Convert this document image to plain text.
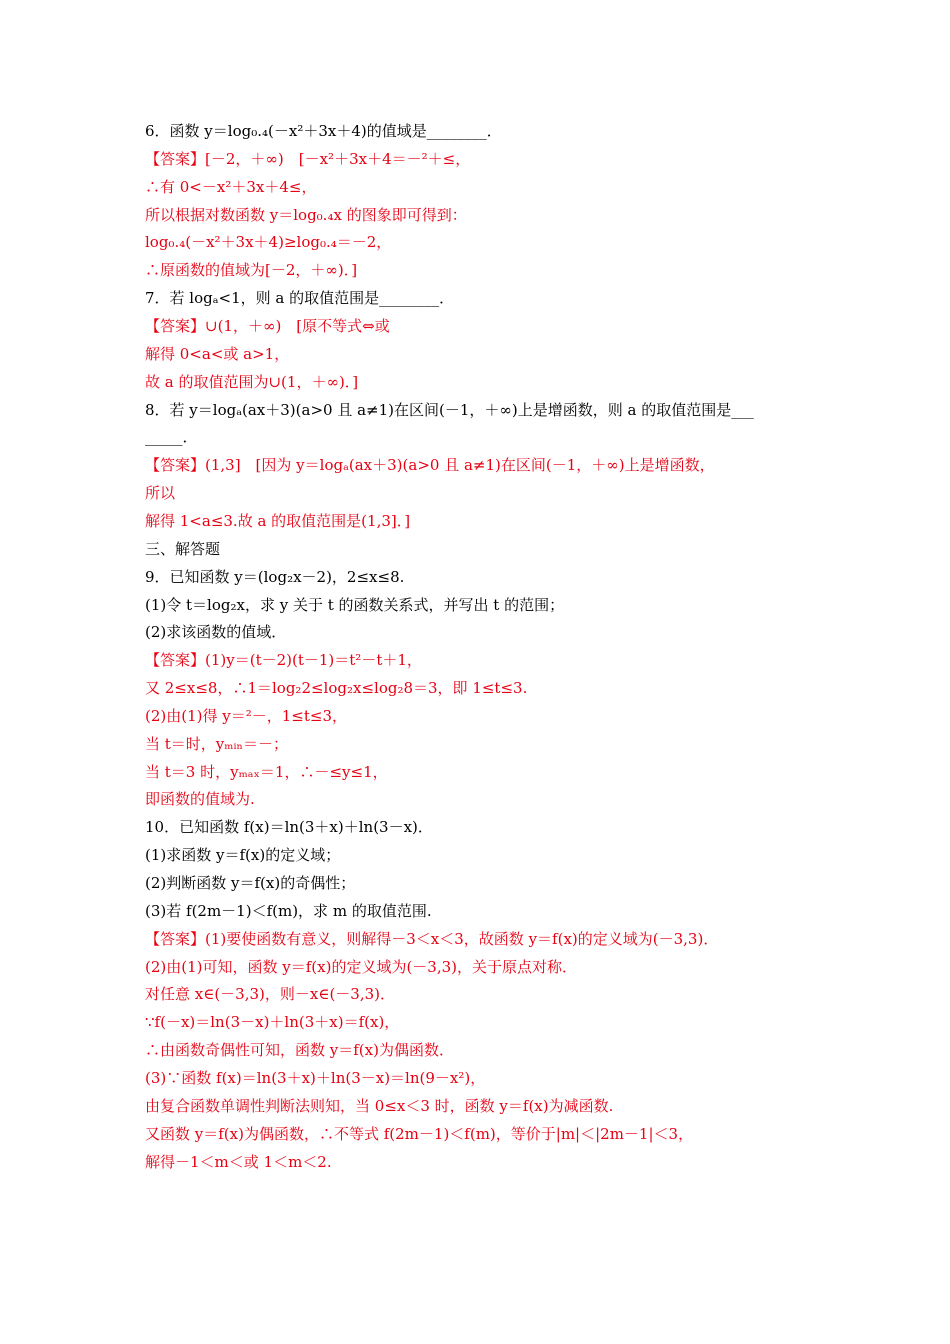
6．函数 y＝log₀.₄(－x²＋3x＋4)的值域是________．
【答案】[－2，＋∞)　[－x²＋3x＋4＝－²＋≤，
∴有 0<－x²＋3x＋4≤，
所以根据对数函数 y＝log₀.₄x 的图象即可得到：
log₀.₄(－x²＋3x＋4)≥log₀.₄＝－2，
∴原函数的值域为[－2，＋∞)．]
7．若 logₐ<1，则 a 的取值范围是________．
【答案】∪(1，＋∞)　[原不等式⇔或
解得 0<a<或 a>1，
故 a 的取值范围为∪(1，＋∞)．]
8．若 y＝logₐ(ax＋3)(a>0 且 a≠1)在区间(－1，＋∞)上是增函数，则 a 的取值范围是___
_____．
【答案】(1,3]　[因为 y＝logₐ(ax＋3)(a>0 且 a≠1)在区间(－1，＋∞)上是增函数，
所以
解得 1<a≤3.故 a 的取值范围是(1,3]．]
三、解答题
9．已知函数 y＝(log₂x－2)，2≤x≤8.
(1)令 t＝log₂x，求 y 关于 t 的函数关系式，并写出 t 的范围；
(2)求该函数的值域．
【答案】(1)y＝(t－2)(t－1)＝t²－t＋1，
又 2≤x≤8，∴1＝log₂2≤log₂x≤log₂8＝3，即 1≤t≤3.
(2)由(1)得 y＝²－，1≤t≤3，
当 t＝时，yₘᵢₙ＝－；
当 t＝3 时，yₘₐₓ＝1，∴－≤y≤1，
即函数的值域为.
10．已知函数 f(x)＝ln(3＋x)＋ln(3－x)．
(1)求函数 y＝f(x)的定义域；
(2)判断函数 y＝f(x)的奇偶性；
(3)若 f(2m－1)＜f(m)，求 m 的取值范围.
【答案】(1)要使函数有意义，则解得－3＜x＜3，故函数 y＝f(x)的定义域为(－3,3)．
(2)由(1)可知，函数 y＝f(x)的定义域为(－3,3)，关于原点对称．
对任意 x∈(－3,3)，则－x∈(－3,3)．
∵f(－x)＝ln(3－x)＋ln(3＋x)＝f(x)，
∴由函数奇偶性可知，函数 y＝f(x)为偶函数．
(3)∵函数 f(x)＝ln(3＋x)＋ln(3－x)＝ln(9－x²)，
由复合函数单调性判断法则知，当 0≤x＜3 时，函数 y＝f(x)为减函数.
又函数 y＝f(x)为偶函数，∴不等式 f(2m－1)＜f(m)，等价于|m|＜|2m－1|＜3，
解得－1＜m＜或 1＜m＜2.
